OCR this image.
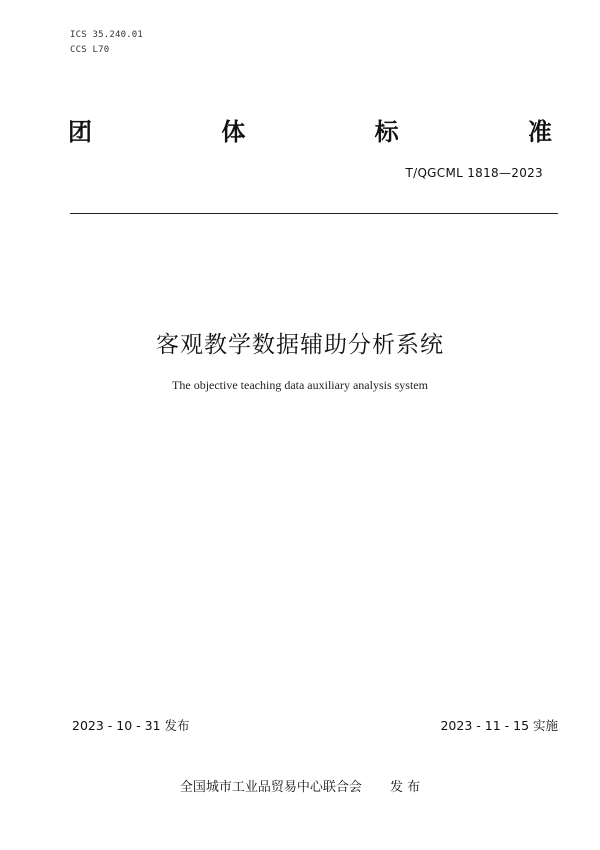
ICS 35.240.01
CCS L70
团	体	标	准
T/QGCML 1818—2023
客观教学数据辅助分析系统
The objective teaching data auxiliary analysis system
2023 - 10 - 31 发布	2023 - 11 - 15 实施
全国城市工业品贸易中心联合会 发 布
